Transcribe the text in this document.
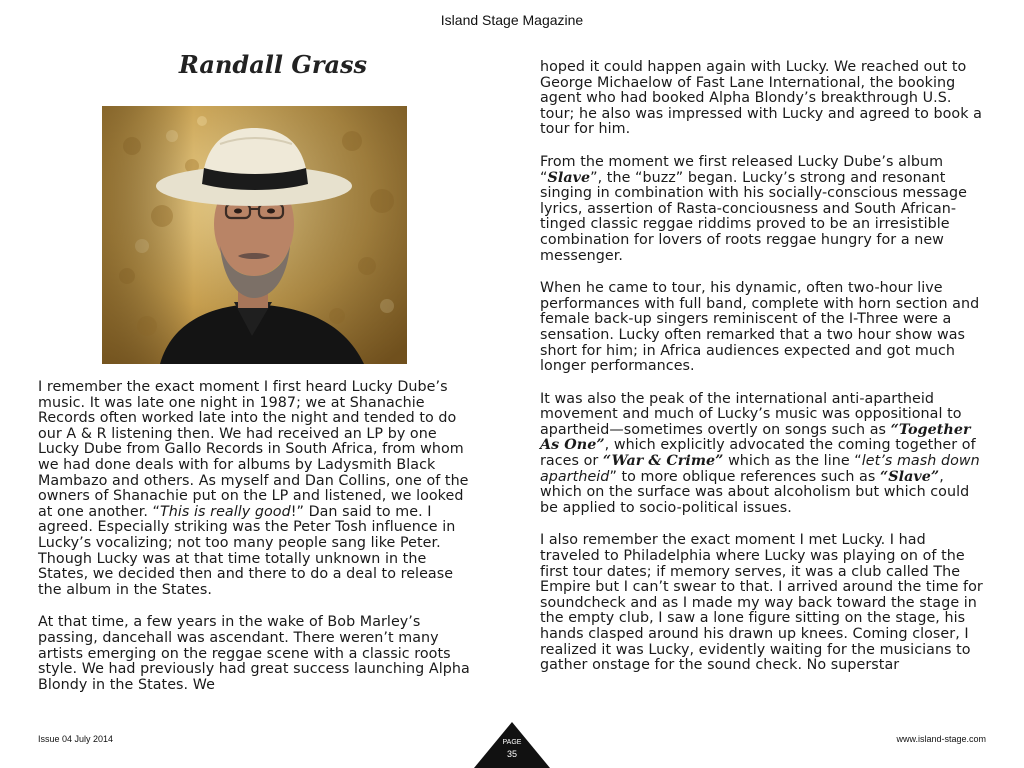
Island Stage Magazine
Randall Grass

I remember the exact moment I first heard Lucky Dube’s music. It was late one night in 1987; we at Shanachie Records often worked late into the night and tended to do our A & R listening then. We had received an LP by one Lucky Dube from Gallo Records in South Africa, from whom we had done deals with for albums by Ladysmith Black Mambazo and others. As myself and Dan Collins, one of the owners of Shanachie put on the LP and listened, we looked at one another. “This is really good!” Dan said to me. I agreed. Especially striking was the Peter Tosh influence in Lucky’s vocalizing; not too many people sang like Peter. Though Lucky was at that time totally unknown in the States, we decided then and there to do a deal to release the album in the States.

At that time, a few years in the wake of Bob Marley’s passing, dancehall was ascendant. There weren’t many artists emerging on the reggae scene with a classic roots style. We had previously had great success launching Alpha Blondy in the States. We

hoped it could happen again with Lucky. We reached out to George Michaelow of Fast Lane International, the booking agent who had booked Alpha Blondy’s breakthrough U.S. tour; he also was impressed with Lucky and agreed to book a tour for him.

From the moment we first released Lucky Dube’s album “Slave”, the “buzz” began. Lucky’s strong and resonant singing in combination with his socially-conscious message lyrics, assertion of Rasta-conciousness and South African-tinged classic reggae riddims proved to be an irresistible combination for lovers of roots reggae hungry for a new messenger.

When he came to tour, his dynamic, often two-hour live performances with full band, complete with horn section and female back-up singers reminiscent of the I-Three were a sensation. Lucky often remarked that a two hour show was short for him; in Africa audiences expected and got much longer performances.

It was also the peak of the international anti-apartheid movement and much of Lucky’s music was oppositional to apartheid—sometimes overtly on songs such as “Together As One”, which explicitly advocated the coming together of races or “War & Crime” which as the line “let’s mash down apartheid” to more oblique references such as “Slave”, which on the surface was about alcoholism but which could be applied to socio-political issues.

I also remember the exact moment I met Lucky. I had traveled to Philadelphia where Lucky was playing on of the first tour dates; if memory serves, it was a club called The Empire but I can’t swear to that. I arrived around the time for soundcheck and as I made my way back toward the stage in the empty club, I saw a lone figure sitting on the stage, his hands clasped around his drawn up knees. Coming closer, I realized it was Lucky, evidently waiting for the musicians to gather onstage for the sound check. No superstar

Issue 04 July 2014	www.island-stage.com
PAGE
35
